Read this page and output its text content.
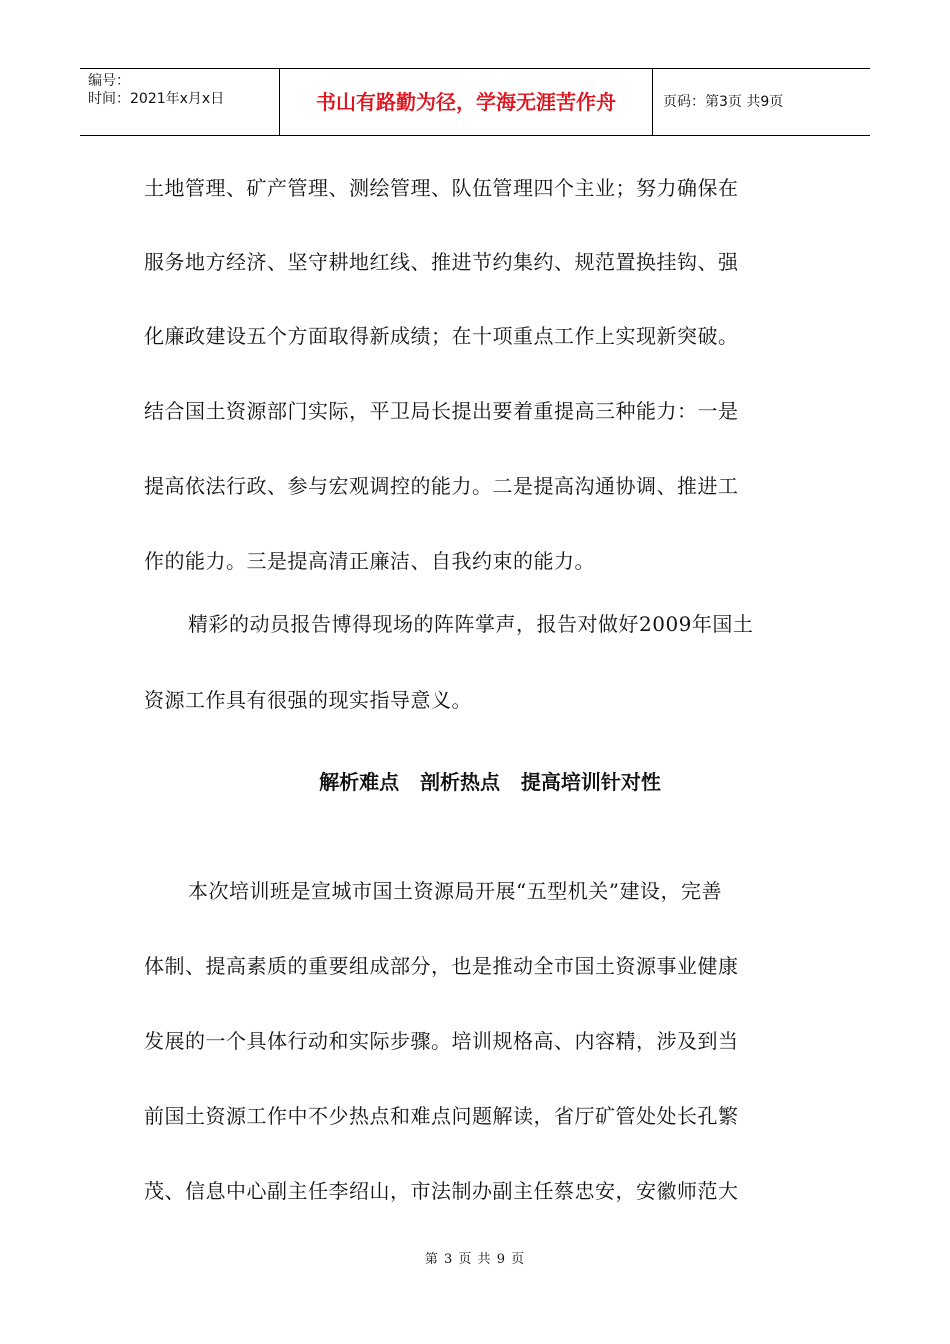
编号：
时间：2021年x月x日	书山有路勤为径，学海无涯苦作舟	页码：第3页 共9页
土地管理、矿产管理、测绘管理、队伍管理四个主业；努力确保在
服务地方经济、坚守耕地红线、推进节约集约、规范置换挂钩、强
化廉政建设五个方面取得新成绩；在十项重点工作上实现新突破。
结合国土资源部门实际，平卫局长提出要着重提高三种能力：一是
提高依法行政、参与宏观调控的能力。二是提高沟通协调、推进工
作的能力。三是提高清正廉洁、自我约束的能力。
精彩的动员报告博得现场的阵阵掌声，报告对做好2009年国土
资源工作具有很强的现实指导意义。
解析难点   剖析热点   提高培训针对性
本次培训班是宣城市国土资源局开展“五型机关”建设，完善
体制、提高素质的重要组成部分，也是推动全市国土资源事业健康
发展的一个具体行动和实际步骤。培训规格高、内容精，涉及到当
前国土资源工作中不少热点和难点问题解读，省厅矿管处处长孔繁
茂、信息中心副主任李绍山，市法制办副主任蔡忠安，安徽师范大
第 3 页 共 9 页
